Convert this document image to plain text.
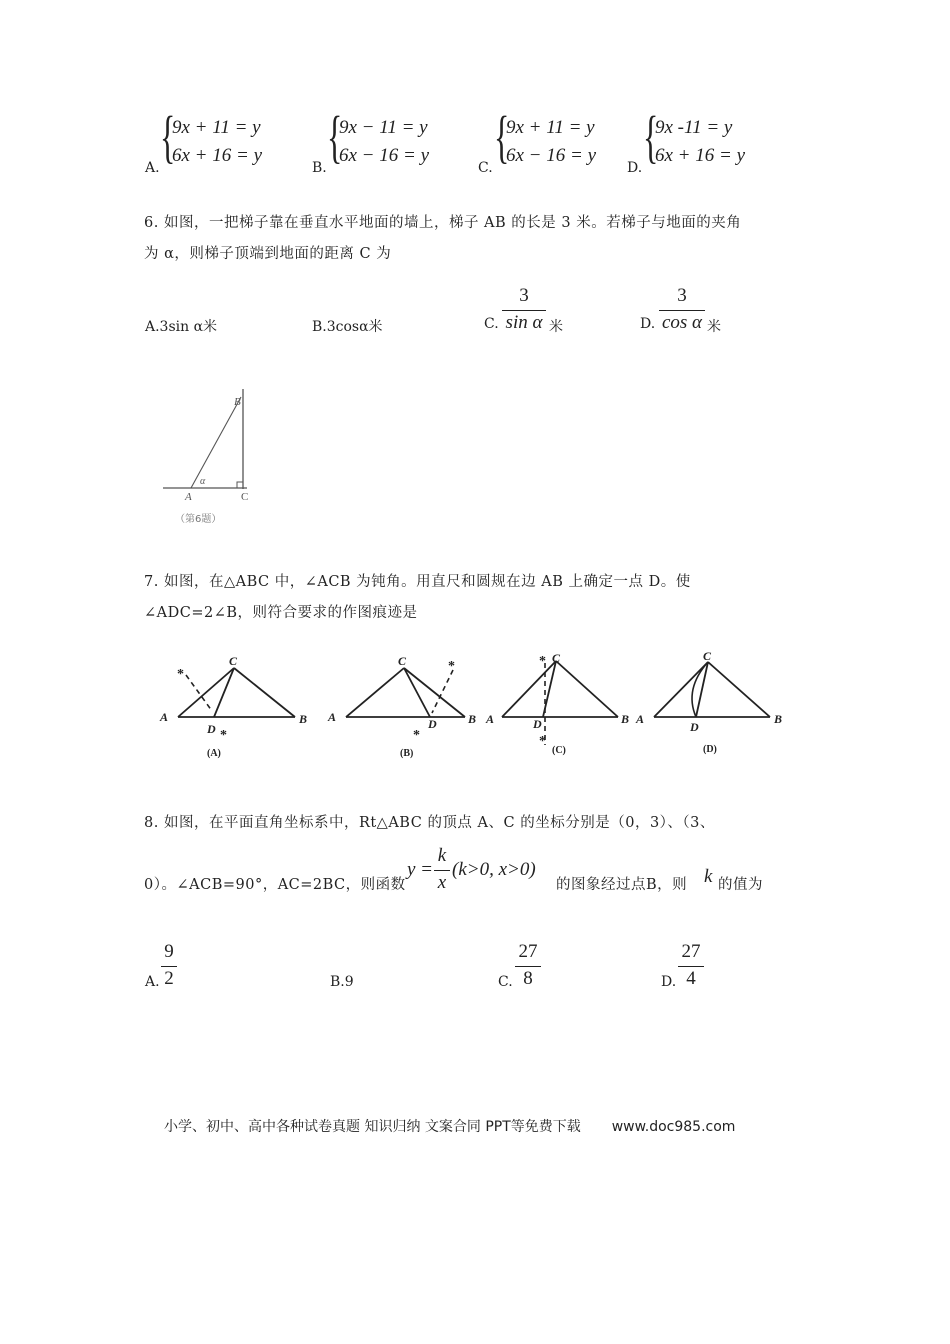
A. {
9x + 11 = y
6x + 16 = y
B. {
9x − 11 = y
6x − 16 = y
C. {
9x + 11 = y
6x − 16 = y
D. {
9x -11 = y
6x + 16 = y
6. 如图，一把梯子靠在垂直水平地面的墙上，梯子 AB 的长是 3 米。若梯子与地面的夹角
为 α，则梯子顶端到地面的距离 C 为
A.3sin α米	B.3cosα米	C.
3
sin α 米	D.
3
cos α 米
B
A	C
α
（第6题）
7. 如图，在△ABC 中，∠ACB 为钝角。用直尺和圆规在边 AB 上确定一点 D。使
∠ADC=2∠B，则符合要求的作图痕迹是
*
*
A
C
B
D
(A)
*
*
A
C
B
D
(B)
*
*
A
C
B
D
(C)
A
C
B
D
(D)
8. 如图，在平面直角坐标系中，Rt△ABC 的顶点 A、C 的坐标分别是（0，3）、（3、
0）。∠ACB=90°，AC=2BC，则函数
y =
k
x
(k>0, x>0)
的图象经过点B，则 k 的值为
A.
9
2	B.9	C.
27
8	D.
27
4
小学、初中、高中各种试卷真题 知识归纳 文案合同 PPT等免费下载 www.doc985.com
